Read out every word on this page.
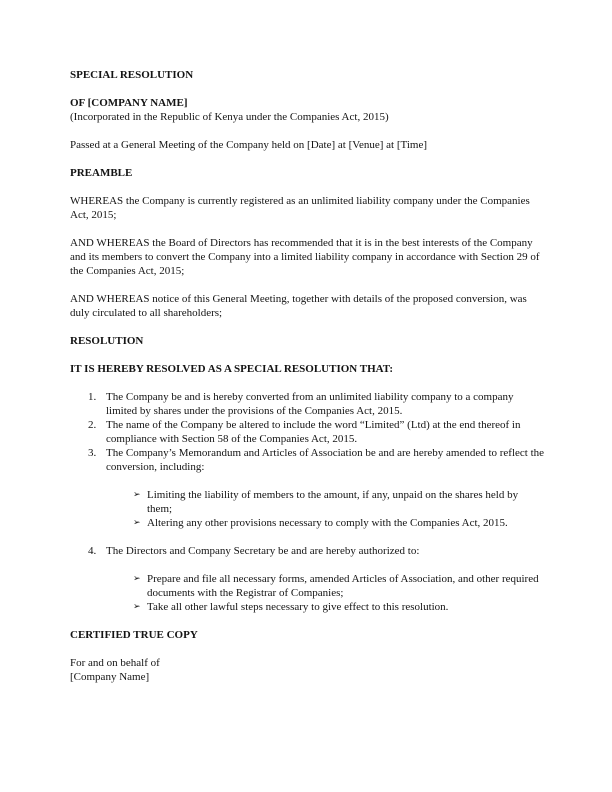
SPECIAL RESOLUTION
OF [COMPANY NAME]
(Incorporated in the Republic of Kenya under the Companies Act, 2015)
Passed at a General Meeting of the Company held on [Date] at [Venue] at [Time]
PREAMBLE
WHEREAS the Company is currently registered as an unlimited liability company under the Companies Act, 2015;
AND WHEREAS the Board of Directors has recommended that it is in the best interests of the Company and its members to convert the Company into a limited liability company in accordance with Section 29 of the Companies Act, 2015;
AND WHEREAS notice of this General Meeting, together with details of the proposed conversion, was duly circulated to all shareholders;
RESOLUTION
IT IS HEREBY RESOLVED AS A SPECIAL RESOLUTION THAT:
1. The Company be and is hereby converted from an unlimited liability company to a company limited by shares under the provisions of the Companies Act, 2015.
2. The name of the Company be altered to include the word “Limited” (Ltd) at the end thereof in compliance with Section 58 of the Companies Act, 2015.
3. The Company’s Memorandum and Articles of Association be and are hereby amended to reflect the conversion, including:
➢ Limiting the liability of members to the amount, if any, unpaid on the shares held by them;
➢ Altering any other provisions necessary to comply with the Companies Act, 2015.
4. The Directors and Company Secretary be and are hereby authorized to:
➢ Prepare and file all necessary forms, amended Articles of Association, and other required documents with the Registrar of Companies;
➢ Take all other lawful steps necessary to give effect to this resolution.
CERTIFIED TRUE COPY
For and on behalf of
[Company Name]
